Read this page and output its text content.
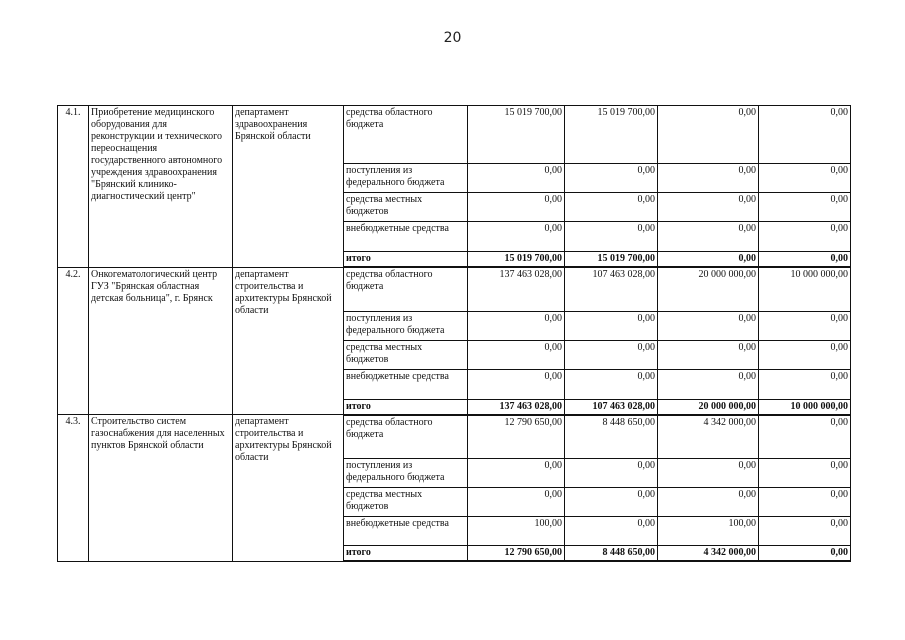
20
4.1.	Приобретение медицинского оборудования для реконструкции и технического переоснащения государственного автономного учреждения здравоохранения "Брянский клинико-диагностический центр"	департамент здравоохранения Брянской области	средства областного бюджета	15 019 700,00	15 019 700,00	0,00	0,00
			поступления из федерального бюджета	0,00	0,00	0,00	0,00
			средства местных бюджетов	0,00	0,00	0,00	0,00
			внебюджетные средства	0,00	0,00	0,00	0,00
			итого	15 019 700,00	15 019 700,00	0,00	0,00
4.2.	Онкогематологический центр ГУЗ "Брянская областная детская больница", г. Брянск	департамент строительства и архитектуры Брянской области	средства областного бюджета	137 463 028,00	107 463 028,00	20 000 000,00	10 000 000,00
			поступления из федерального бюджета	0,00	0,00	0,00	0,00
			средства местных бюджетов	0,00	0,00	0,00	0,00
			внебюджетные средства	0,00	0,00	0,00	0,00
			итого	137 463 028,00	107 463 028,00	20 000 000,00	10 000 000,00
4.3.	Строительство систем газоснабжения для населенных пунктов Брянской области	департамент строительства и архитектуры Брянской области	средства областного бюджета	12 790 650,00	8 448 650,00	4 342 000,00	0,00
			поступления из федерального бюджета	0,00	0,00	0,00	0,00
			средства местных бюджетов	0,00	0,00	0,00	0,00
			внебюджетные средства	100,00	0,00	100,00	0,00
			итого	12 790 650,00	8 448 650,00	4 342 000,00	0,00
